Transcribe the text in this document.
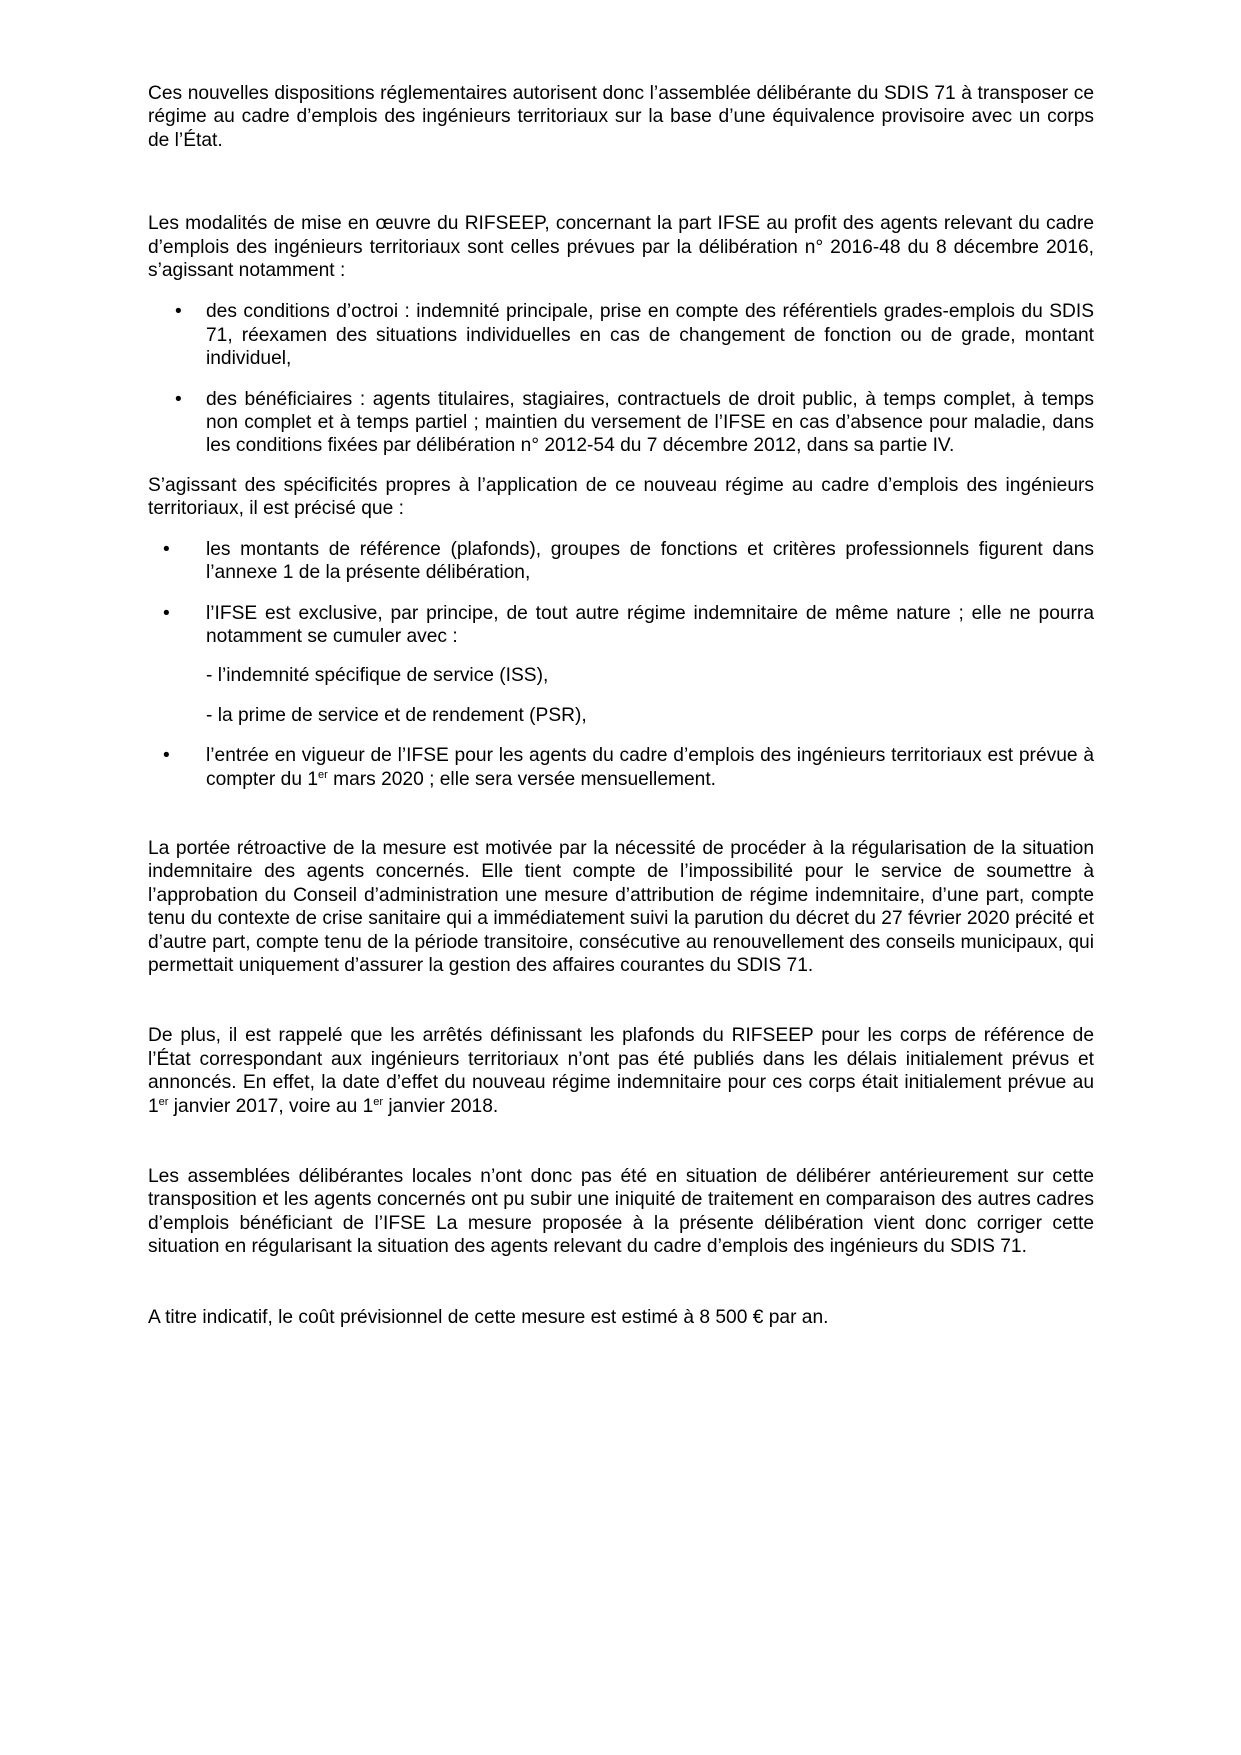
Ces nouvelles dispositions réglementaires autorisent donc l’assemblée délibérante du SDIS 71 à transposer ce régime au cadre d’emplois des ingénieurs territoriaux sur la base d’une équivalence provisoire avec un corps de l’État.

Les modalités de mise en œuvre du RIFSEEP, concernant la part IFSE au profit des agents relevant du cadre d’emplois des ingénieurs territoriaux sont celles prévues par la délibération n° 2016-48 du 8 décembre 2016, s’agissant notamment :

• des conditions d’octroi : indemnité principale, prise en compte des référentiels grades-emplois du SDIS 71, réexamen des situations individuelles en cas de changement de fonction ou de grade, montant individuel,
• des bénéficiaires : agents titulaires, stagiaires, contractuels de droit public, à temps complet, à temps non complet et à temps partiel ; maintien du versement de l’IFSE en cas d’absence pour maladie, dans les conditions fixées par délibération n° 2012-54 du 7 décembre 2012, dans sa partie IV.

S’agissant des spécificités propres à l’application de ce nouveau régime au cadre d’emplois des ingénieurs territoriaux, il est précisé que :

• les montants de référence (plafonds), groupes de fonctions et critères professionnels figurent dans l’annexe 1 de la présente délibération,
• l’IFSE est exclusive, par principe, de tout autre régime indemnitaire de même nature ; elle ne pourra notamment se cumuler avec :

- l’indemnité spécifique de service (ISS),

- la prime de service et de rendement (PSR),

• l’entrée en vigueur de l’IFSE pour les agents du cadre d’emplois des ingénieurs territoriaux est prévue à compter du 1er mars 2020 ; elle sera versée mensuellement.

La portée rétroactive de la mesure est motivée par la nécessité de procéder à la régularisation de la situation indemnitaire des agents concernés. Elle tient compte de l’impossibilité pour le service de soumettre à l’approbation du Conseil d’administration une mesure d’attribution de régime indemnitaire, d’une part, compte tenu du contexte de crise sanitaire qui a immédiatement suivi la parution du décret du 27 février 2020 précité et d’autre part, compte tenu de la période transitoire, consécutive au renouvellement des conseils municipaux, qui permettait uniquement d’assurer la gestion des affaires courantes du SDIS 71.

De plus, il est rappelé que les arrêtés définissant les plafonds du RIFSEEP pour les corps de référence de l’État correspondant aux ingénieurs territoriaux n’ont pas été publiés dans les délais initialement prévus et annoncés. En effet, la date d’effet du nouveau régime indemnitaire pour ces corps était initialement prévue au 1er janvier 2017, voire au 1er janvier 2018.

Les assemblées délibérantes locales n’ont donc pas été en situation de délibérer antérieurement sur cette transposition et les agents concernés ont pu subir une iniquité de traitement en comparaison des autres cadres d’emplois bénéficiant de l’IFSE La mesure proposée à la présente délibération vient donc corriger cette situation en régularisant la situation des agents relevant du cadre d’emplois des ingénieurs du SDIS 71.

A titre indicatif, le coût prévisionnel de cette mesure est estimé à 8 500 € par an.
